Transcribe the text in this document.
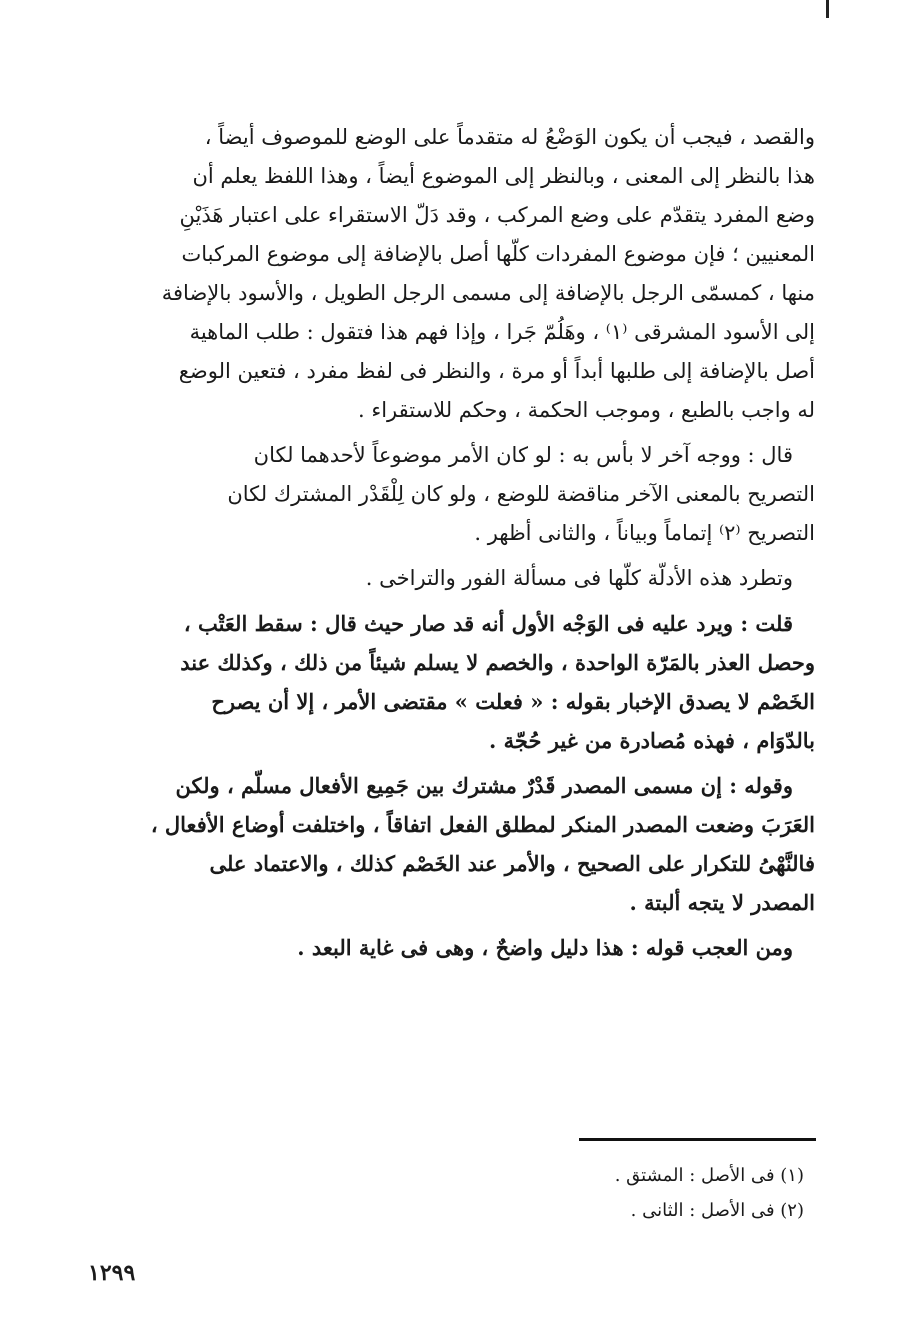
والقصد ، فيجب أن يكون الوَضْعُ له متقدماً على الوضع للموصوف أيضاً ،
هذا بالنظر إلى المعنى ، وبالنظر إلى الموضوع أيضاً ، وهذا اللفظ يعلم أن
وضع المفرد يتقدّم على وضع المركب ، وقد دَلّ الاستقراء على اعتبار هَذَيْنِ
المعنيين ؛ فإن موضوع المفردات كلّها أصل بالإضافة إلى موضوع المركبات
منها ، كمسمّى الرجل بالإضافة إلى مسمى الرجل الطويل ، والأسود بالإضافة
إلى الأسود المشرقى ⁽١⁾ ، وهَلُمّ جَرا ، وإذا فهم هذا فتقول : طلب الماهية
أصل بالإضافة إلى طلبها أبداً أو مرة ، والنظر فى لفظ مفرد ، فتعين الوضع
له واجب بالطبع ، وموجب الحكمة ، وحكم للاستقراء .

قال : ووجه آخر لا بأس به : لو كان الأمر موضوعاً لأحدهما لكان
التصريح بالمعنى الآخر مناقضة للوضع ، ولو كان لِلْقَدْر المشترك لكان
التصريح ⁽٢⁾ إتماماً وبياناً ، والثانى أظهر .

وتطرد هذه الأدلّة كلّها فى مسألة الفور والتراخى .

قلت : ويرد عليه فى الوَجْه الأول أنه قد صار حيث قال : سقط العَتْب ،
وحصل العذر بالمَرّة الواحدة ، والخصم لا يسلم شيئاً من ذلك ، وكذلك عند
الخَصْم لا يصدق الإخبار بقوله : « فعلت » مقتضى الأمر ، إلا أن يصرح
بالدّوَام ، فهذه مُصادرة من غير حُجّة .

وقوله : إن مسمى المصدر قَدْرٌ مشترك بين جَمِيع الأفعال مسلّم ، ولكن
العَرَبَ وضعت المصدر المنكر لمطلق الفعل اتفاقاً ، واختلفت أوضاع الأفعال ،
فالنَّهْىُ للتكرار على الصحيح ، والأمر عند الخَصْم كذلك ، والاعتماد على
المصدر لا يتجه ألبتة .

ومن العجب قوله : هذا دليل واضحٌ ، وهى فى غاية البعد .

(١) فى الأصل : المشتق .
(٢) فى الأصل : الثانى .
١٢٩٩
